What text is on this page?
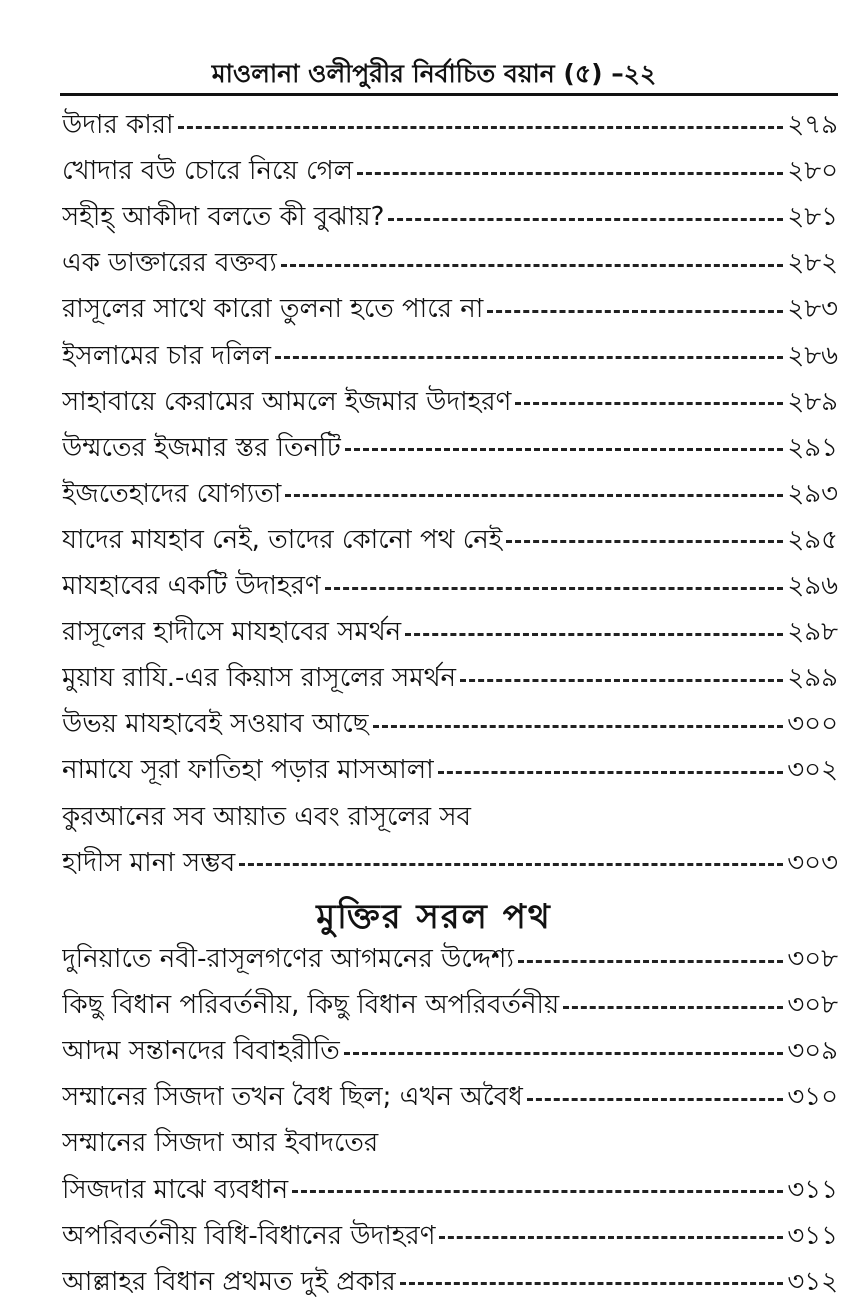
মাওলানা ওলীপুরীর নির্বাচিত বয়ান (৫) –২২
উদার কারা	২৭৯
খোদার বউ চোরে নিয়ে গেল	২৮০
সহীহ্ আকীদা বলতে কী বুঝায়?	২৮১
এক ডাক্তারের বক্তব্য	২৮২
রাসূলের সাথে কারো তুলনা হতে পারে না	২৮৩
ইসলামের চার দলিল	২৮৬
সাহাবায়ে কেরামের আমলে ইজমার উদাহরণ	২৮৯
উম্মতের ইজমার স্তর তিনটি	২৯১
ইজতেহাদের যোগ্যতা	২৯৩
যাদের মাযহাব নেই, তাদের কোনো পথ নেই	২৯৫
মাযহাবের একটি উদাহরণ	২৯৬
রাসূলের হাদীসে মাযহাবের সমর্থন	২৯৮
মুয়ায রাযি.-এর কিয়াস রাসূলের সমর্থন	২৯৯
উভয় মাযহাবেই সওয়াব আছে	৩০০
নামাযে সূরা ফাতিহা পড়ার মাসআলা	৩০২
কুরআনের সব আয়াত এবং রাসূলের সব
হাদীস মানা সম্ভব	৩০৩
মুক্তির সরল পথ
দুনিয়াতে নবী-রাসূলগণের আগমনের উদ্দেশ্য	৩০৮
কিছু বিধান পরিবর্তনীয়, কিছু বিধান অপরিবর্তনীয়	৩০৮
আদম সন্তানদের বিবাহরীতি	৩০৯
সম্মানের সিজদা তখন বৈধ ছিল; এখন অবৈধ	৩১০
সম্মানের সিজদা আর ইবাদতের
সিজদার মাঝে ব্যবধান	৩১১
অপরিবর্তনীয় বিধি-বিধানের উদাহরণ	৩১১
আল্লাহর বিধান প্রথমত দুই প্রকার	৩১২
